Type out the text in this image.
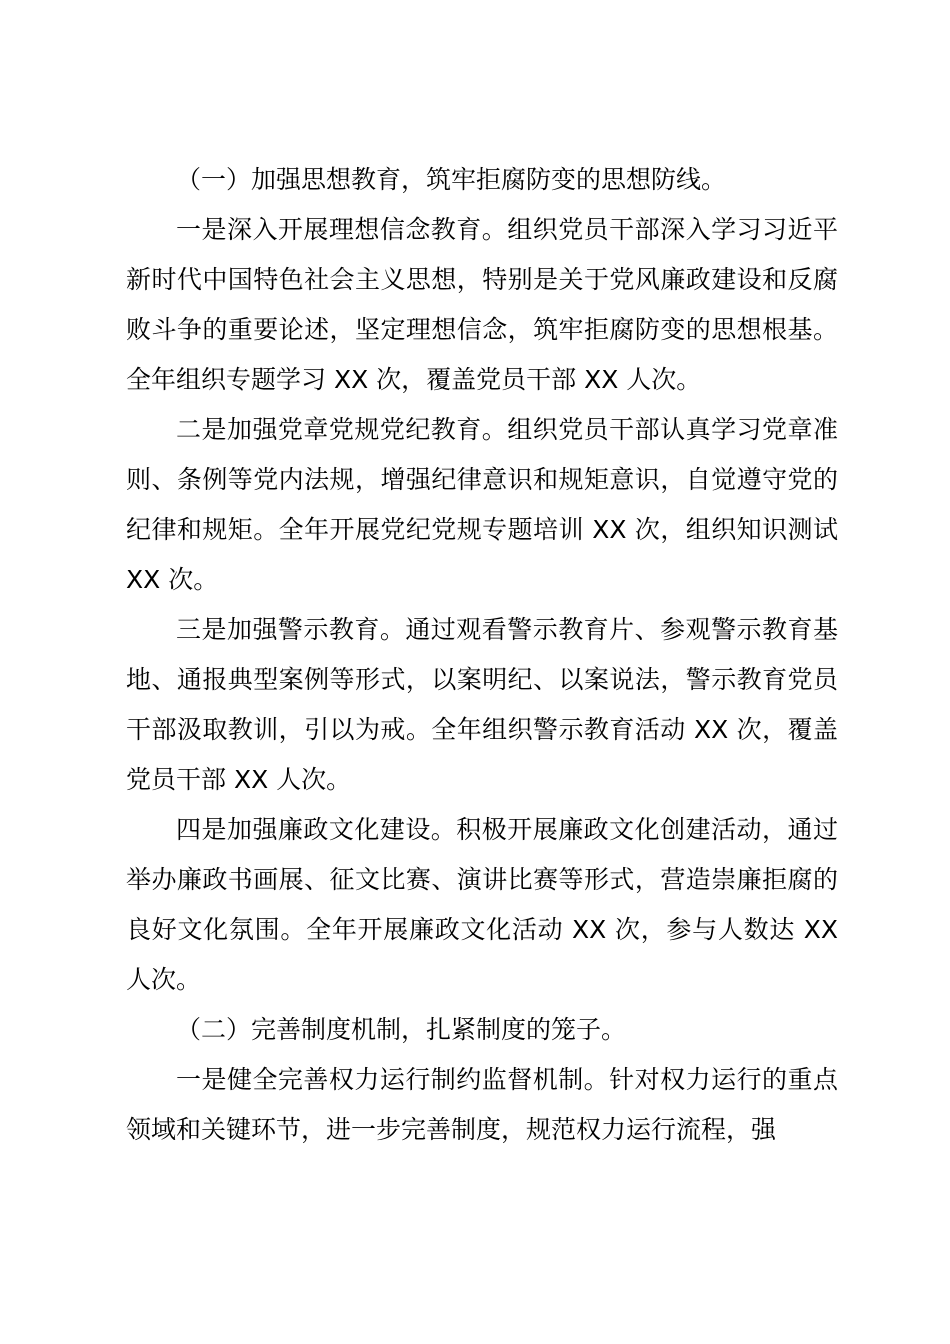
（一）加强思想教育，筑牢拒腐防变的思想防线。

一是深入开展理想信念教育。组织党员干部深入学习习近平新时代中国特色社会主义思想，特别是关于党风廉政建设和反腐败斗争的重要论述，坚定理想信念，筑牢拒腐防变的思想根基。全年组织专题学习 XX 次，覆盖党员干部 XX 人次。

二是加强党章党规党纪教育。组织党员干部认真学习党章准则、条例等党内法规，增强纪律意识和规矩意识，自觉遵守党的纪律和规矩。全年开展党纪党规专题培训 XX 次，组织知识测试 XX 次。

三是加强警示教育。通过观看警示教育片、参观警示教育基地、通报典型案例等形式，以案明纪、以案说法，警示教育党员干部汲取教训，引以为戒。全年组织警示教育活动 XX 次，覆盖党员干部 XX 人次。

四是加强廉政文化建设。积极开展廉政文化创建活动，通过举办廉政书画展、征文比赛、演讲比赛等形式，营造崇廉拒腐的良好文化氛围。全年开展廉政文化活动 XX 次，参与人数达 XX 人次。

（二）完善制度机制，扎紧制度的笼子。

一是健全完善权力运行制约监督机制。针对权力运行的重点领域和关键环节，进一步完善制度，规范权力运行流程，强
